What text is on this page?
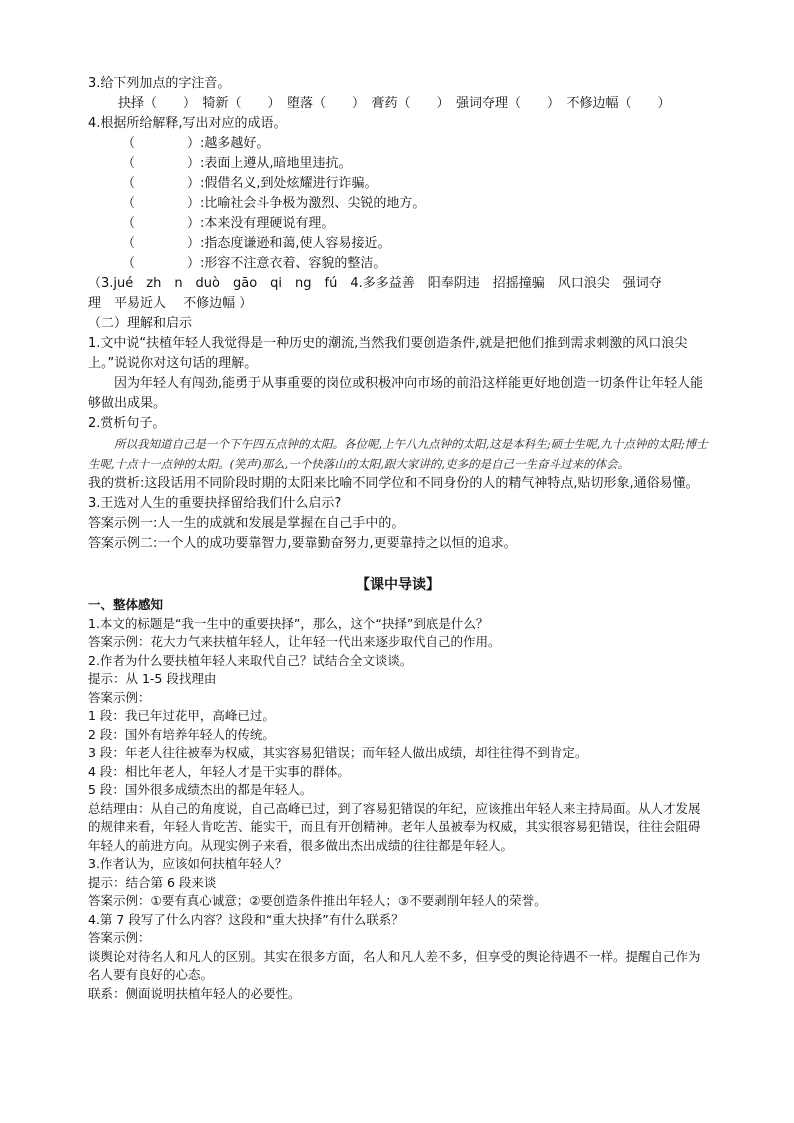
3.给下列加点的字注音。
抉择（　　）　犄新（　　）　堕落（　　）　膏药（　　）　强词夺理（　　）　不修边幅（　　）
4.根据所给解释,写出对应的成语。
（　　　　）:越多越好。
（　　　　）:表面上遵从,暗地里违抗。
（　　　　）:假借名义,到处炫耀进行诈骗。
（　　　　）:比喻社会斗争极为激烈、尖锐的地方。
（　　　　）:本来没有理硬说有理。
（　　　　）:指态度谦逊和蔼,使人容易接近。
（　　　　）:形容不注意衣着、容貌的整洁。
（3.jué　zh　n　duò　gāo　qi　ng　fú　4.多多益善　阳奉阴违　招摇撞骗　风口浪尖　强词夺
理　平易近人　 不修边幅 ）
（二）理解和启示
1.文中说“扶植年轻人我觉得是一种历史的潮流,当然我们要创造条件,就是把他们推到需求刺激的风口浪尖上。”说说你对这句话的理解。
因为年轻人有闯劲,能勇于从事重要的岗位或积极冲向市场的前沿这样能更好地创造一切条件让年轻人能够做出成果。
2.赏析句子。
所以我知道自己是一个下午四五点钟的太阳。各位呢,上午八九点钟的太阳,这是本科生;硕士生呢,九十点钟的太阳;博士生呢,十点十一点钟的太阳。(笑声)那么,一个快落山的太阳,跟大家讲的,吏多的是自己一生奋斗过来的体会。
我的赏析:这段话用不同阶段时期的太阳来比喻不同学位和不同身份的人的精气神特点,贴切形象,通俗易懂。
3.王选对人生的重要抉择留给我们什么启示?
答案示例一:人一生的成就和发展是掌握在自己手中的。
答案示例二:一个人的成功要靠智力,要靠勤奋努力,更要靠持之以恒的追求。
【课中导读】
一、整体感知
1.本文的标题是“我一生中的重要抉择”，那么，这个“抉择”到底是什么？
答案示例：花大力气来扶植年轻人，让年轻一代出来逐步取代自己的作用。
2.作者为什么要扶植年轻人来取代自己？试结合全文谈谈。
提示：从 1-5 段找理由
答案示例：
1 段：我已年过花甲，高峰已过。
2 段：国外有培养年轻人的传统。
3 段：年老人往往被奉为权威，其实容易犯错误；而年轻人做出成绩，却往往得不到肯定。
4 段：相比年老人，年轻人才是干实事的群体。
5 段：国外很多成绩杰出的都是年轻人。
总结理由：从自己的角度说，自己高峰已过，到了容易犯错误的年纪，应该推出年轻人来主持局面。从人才发展的规律来看，年轻人肯吃苦、能实干，而且有开创精神。老年人虽被奉为权威，其实很容易犯错误，往往会阻碍年轻人的前进方向。从现实例子来看，很多做出杰出成绩的往往都是年轻人。
3.作者认为，应该如何扶植年轻人？
提示：结合第 6 段来谈
答案示例：①要有真心诚意；②要创造条件推出年轻人；③不要剥削年轻人的荣誉。
4.第 7 段写了什么内容？这段和“重大抉择”有什么联系？
答案示例：
谈舆论对待名人和凡人的区别。其实在很多方面，名人和凡人差不多，但享受的舆论待遇不一样。提醒自己作为名人要有良好的心态。
联系：侧面说明扶植年轻人的必要性。
